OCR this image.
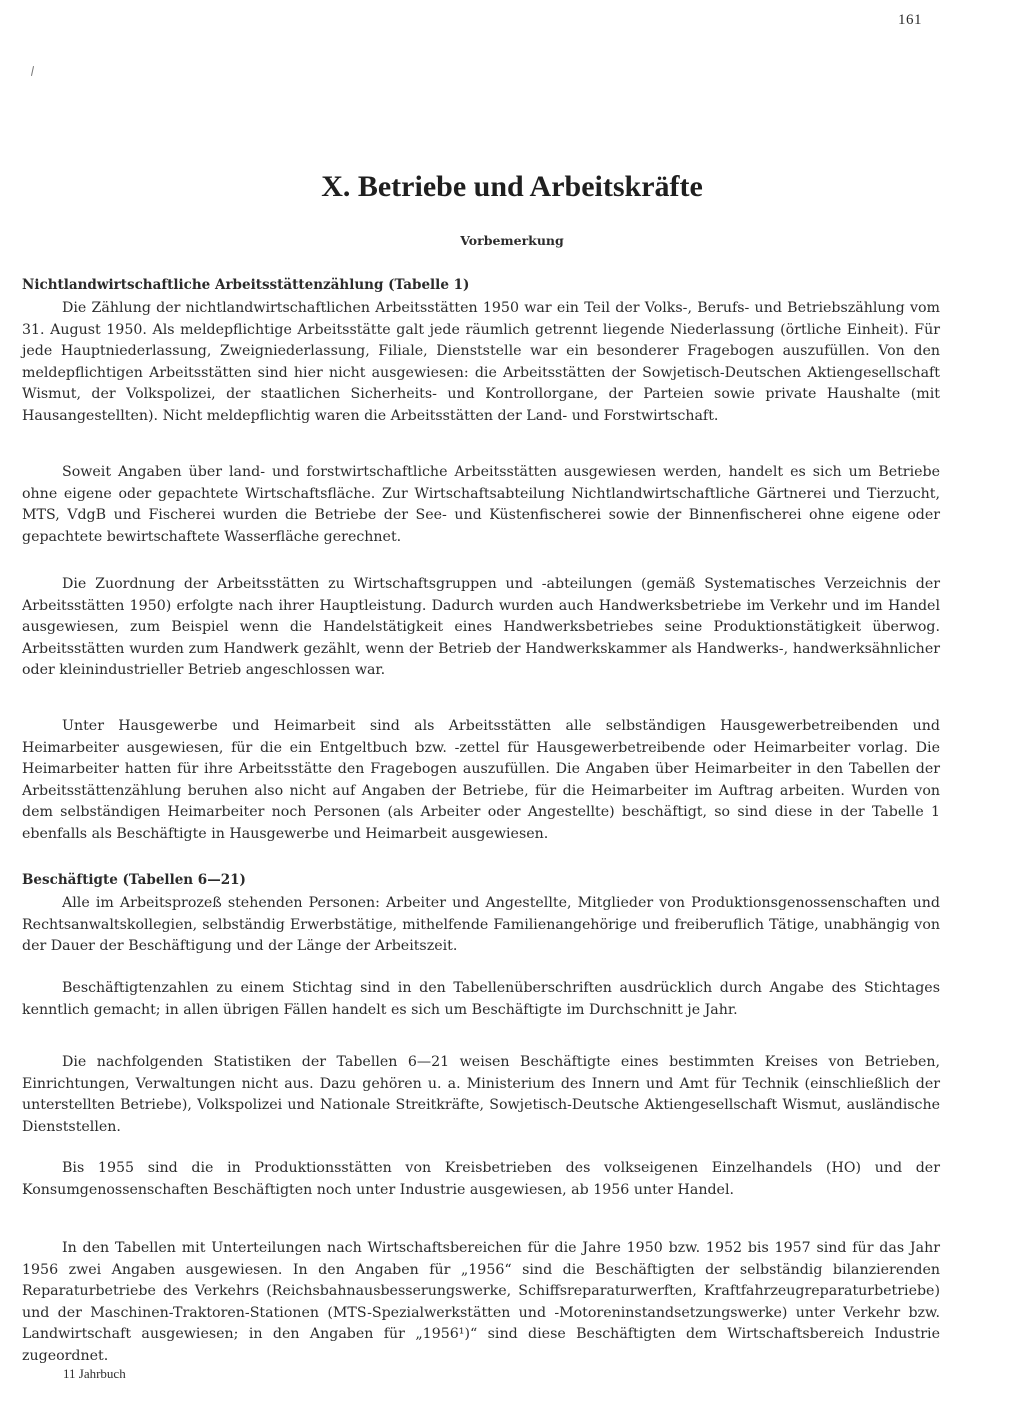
161
X. Betriebe und Arbeitskräfte
Vorbemerkung
Nichtlandwirtschaftliche Arbeitsstättenzählung (Tabelle 1)

Die Zählung der nichtlandwirtschaftlichen Arbeitsstätten 1950 war ein Teil der Volks-, Berufs- und Betriebszählung vom 31. August 1950. Als meldepflichtige Arbeitsstätte galt jede räumlich getrennt liegende Niederlassung (örtliche Einheit). Für jede Hauptniederlassung, Zweigniederlassung, Filiale, Dienststelle war ein besonderer Fragebogen auszufüllen. Von den meldepflichtigen Arbeitsstätten sind hier nicht ausgewiesen: die Arbeitsstätten der Sowjetisch-Deutschen Aktiengesellschaft Wismut, der Volkspolizei, der staatlichen Sicherheits- und Kontrollorgane, der Parteien sowie private Haushalte (mit Hausangestellten). Nicht meldepflichtig waren die Arbeitsstätten der Land- und Forstwirtschaft.

Soweit Angaben über land- und forstwirtschaftliche Arbeitsstätten ausgewiesen werden, handelt es sich um Betriebe ohne eigene oder gepachtete Wirtschaftsfläche. Zur Wirtschaftsabteilung Nichtlandwirtschaftliche Gärtnerei und Tierzucht, MTS, VdgB und Fischerei wurden die Betriebe der See- und Küstenfischerei sowie der Binnenfischerei ohne eigene oder gepachtete bewirtschaftete Wasserfläche gerechnet.

Die Zuordnung der Arbeitsstätten zu Wirtschaftsgruppen und -abteilungen (gemäß Systematisches Verzeichnis der Arbeitsstätten 1950) erfolgte nach ihrer Hauptleistung. Dadurch wurden auch Handwerksbetriebe im Verkehr und im Handel ausgewiesen, zum Beispiel wenn die Handelstätigkeit eines Handwerksbetriebes seine Produktionstätigkeit überwog. Arbeitsstätten wurden zum Handwerk gezählt, wenn der Betrieb der Handwerkskammer als Handwerks-, handwerksähnlicher oder kleinindustrieller Betrieb angeschlossen war.

Unter Hausgewerbe und Heimarbeit sind als Arbeitsstätten alle selbständigen Hausgewerbetreibenden und Heimarbeiter ausgewiesen, für die ein Entgeltbuch bzw. -zettel für Hausgewerbetreibende oder Heimarbeiter vorlag. Die Heimarbeiter hatten für ihre Arbeitsstätte den Fragebogen auszufüllen. Die Angaben über Heimarbeiter in den Tabellen der Arbeitsstättenzählung beruhen also nicht auf Angaben der Betriebe, für die Heimarbeiter im Auftrag arbeiten. Wurden von dem selbständigen Heimarbeiter noch Personen (als Arbeiter oder Angestellte) beschäftigt, so sind diese in der Tabelle 1 ebenfalls als Beschäftigte in Hausgewerbe und Heimarbeit ausgewiesen.

Beschäftigte (Tabellen 6—21)

Alle im Arbeitsprozeß stehenden Personen: Arbeiter und Angestellte, Mitglieder von Produktionsgenossenschaften und Rechtsanwaltskollegien, selbständig Erwerbstätige, mithelfende Familienangehörige und freiberuflich Tätige, unabhängig von der Dauer der Beschäftigung und der Länge der Arbeitszeit.

Beschäftigtenzahlen zu einem Stichtag sind in den Tabellenüberschriften ausdrücklich durch Angabe des Stichtages kenntlich gemacht; in allen übrigen Fällen handelt es sich um Beschäftigte im Durchschnitt je Jahr.

Die nachfolgenden Statistiken der Tabellen 6—21 weisen Beschäftigte eines bestimmten Kreises von Betrieben, Einrichtungen, Verwaltungen nicht aus. Dazu gehören u. a. Ministerium des Innern und Amt für Technik (einschließlich der unterstellten Betriebe), Volkspolizei und Nationale Streitkräfte, Sowjetisch-Deutsche Aktiengesellschaft Wismut, ausländische Dienststellen.

Bis 1955 sind die in Produktionsstätten von Kreisbetrieben des volkseigenen Einzelhandels (HO) und der Konsumgenossenschaften Beschäftigten noch unter Industrie ausgewiesen, ab 1956 unter Handel.

In den Tabellen mit Unterteilungen nach Wirtschaftsbereichen für die Jahre 1950 bzw. 1952 bis 1957 sind für das Jahr 1956 zwei Angaben ausgewiesen. In den Angaben für „1956“ sind die Beschäftigten der selbständig bilanzierenden Reparaturbetriebe des Verkehrs (Reichsbahnausbesserungswerke, Schiffsreparaturwerften, Kraftfahrzeugreparaturbetriebe) und der Maschinen-Traktoren-Stationen (MTS-Spezialwerkstätten und -Motoreninstandsetzungswerke) unter Verkehr bzw. Landwirtschaft ausgewiesen; in den Angaben für „1956¹)“ sind diese Beschäftigten dem Wirtschaftsbereich Industrie zugeordnet.

11 Jahrbuch
